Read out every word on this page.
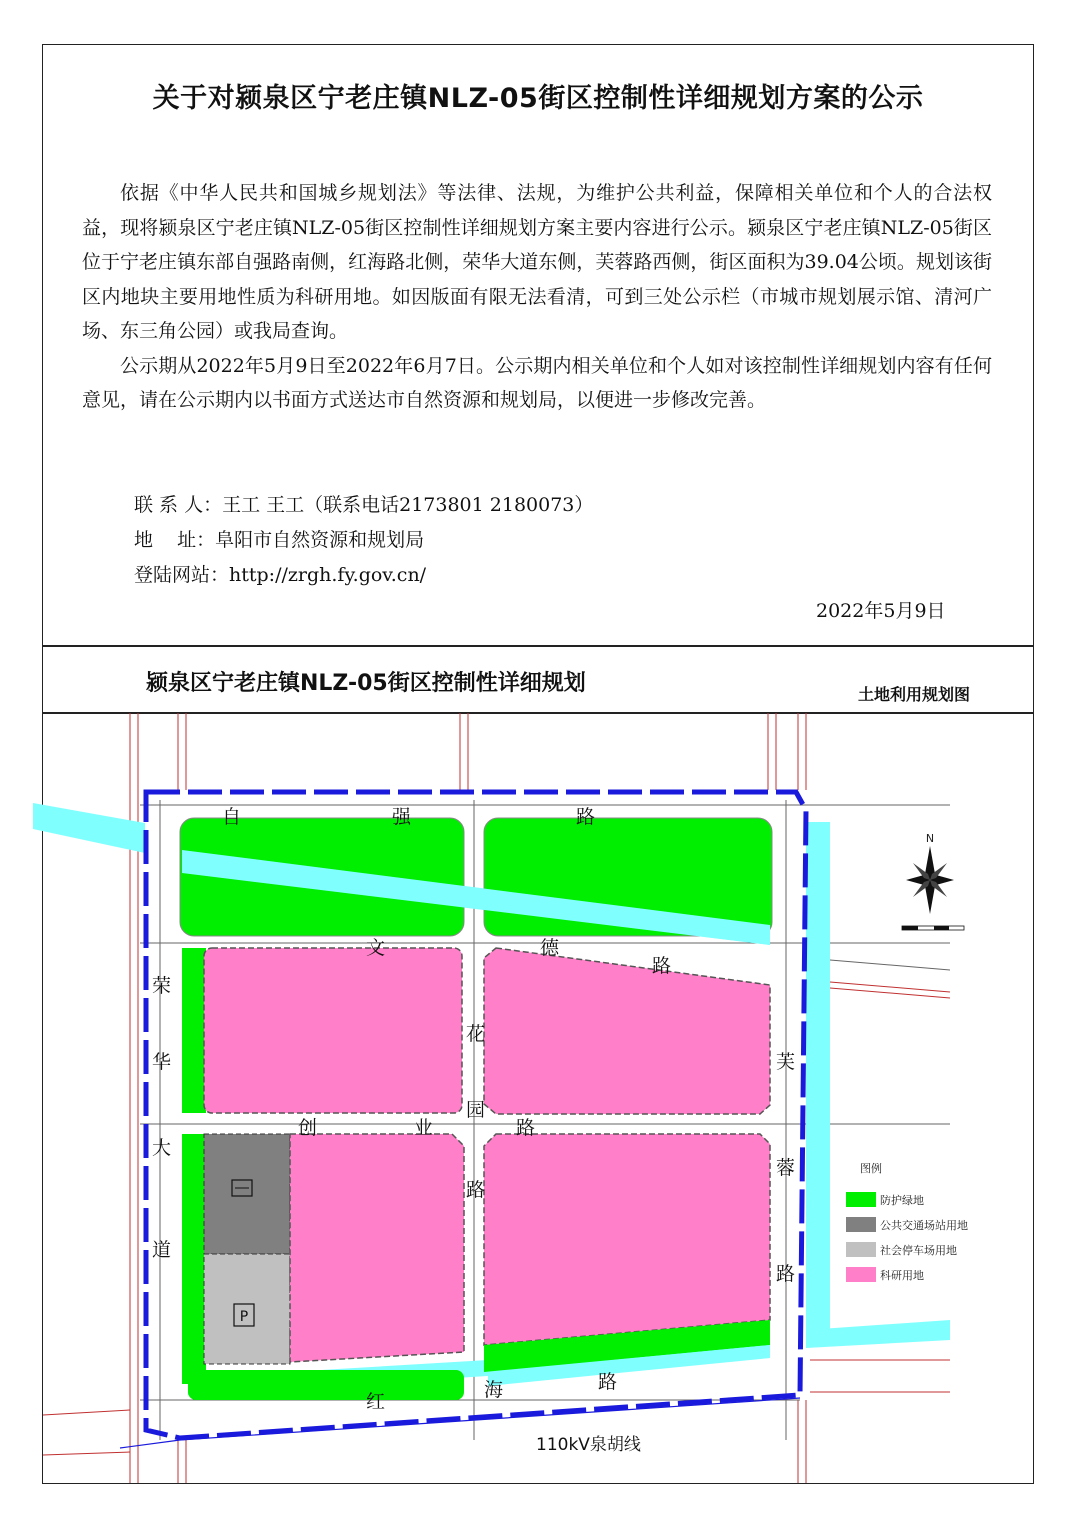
关于对颍泉区宁老庄镇NLZ-05街区控制性详细规划方案的公示

依据《中华人民共和国城乡规划法》等法律、法规，为维护公共利益，保障相关单位和个人的合法权益，现将颍泉区宁老庄镇NLZ-05街区控制性详细规划方案主要内容进行公示。颍泉区宁老庄镇NLZ-05街区位于宁老庄镇东部自强路南侧，红海路北侧，荣华大道东侧，芙蓉路西侧，街区面积为39.04公顷。规划该街区内地块主要用地性质为科研用地。如因版面有限无法看清，可到三处公示栏（市城市规划展示馆、清河广场、东三角公园）或我局查询。

公示期从2022年5月9日至2022年6月7日。公示期内相关单位和个人如对该控制性详细规划内容有任何意见，请在公示期内以书面方式送达市自然资源和规划局，以便进一步修改完善。

联 系 人：王工 王工（联系电话2173801 2180073）
地    址：阜阳市自然资源和规划局
登陆网站：http://zrgh.fy.gov.cn/
2022年5月9日
颍泉区宁老庄镇NLZ-05街区控制性详细规划	土地利用规划图
P
自	强	路
文	德
路
创	业	路
花
园
路
荣
华
大
道
芙
蓉
路
红
海	路
110kV泉胡线
N
图例
防护绿地
公共交通场站用地
社会停车场用地
科研用地
